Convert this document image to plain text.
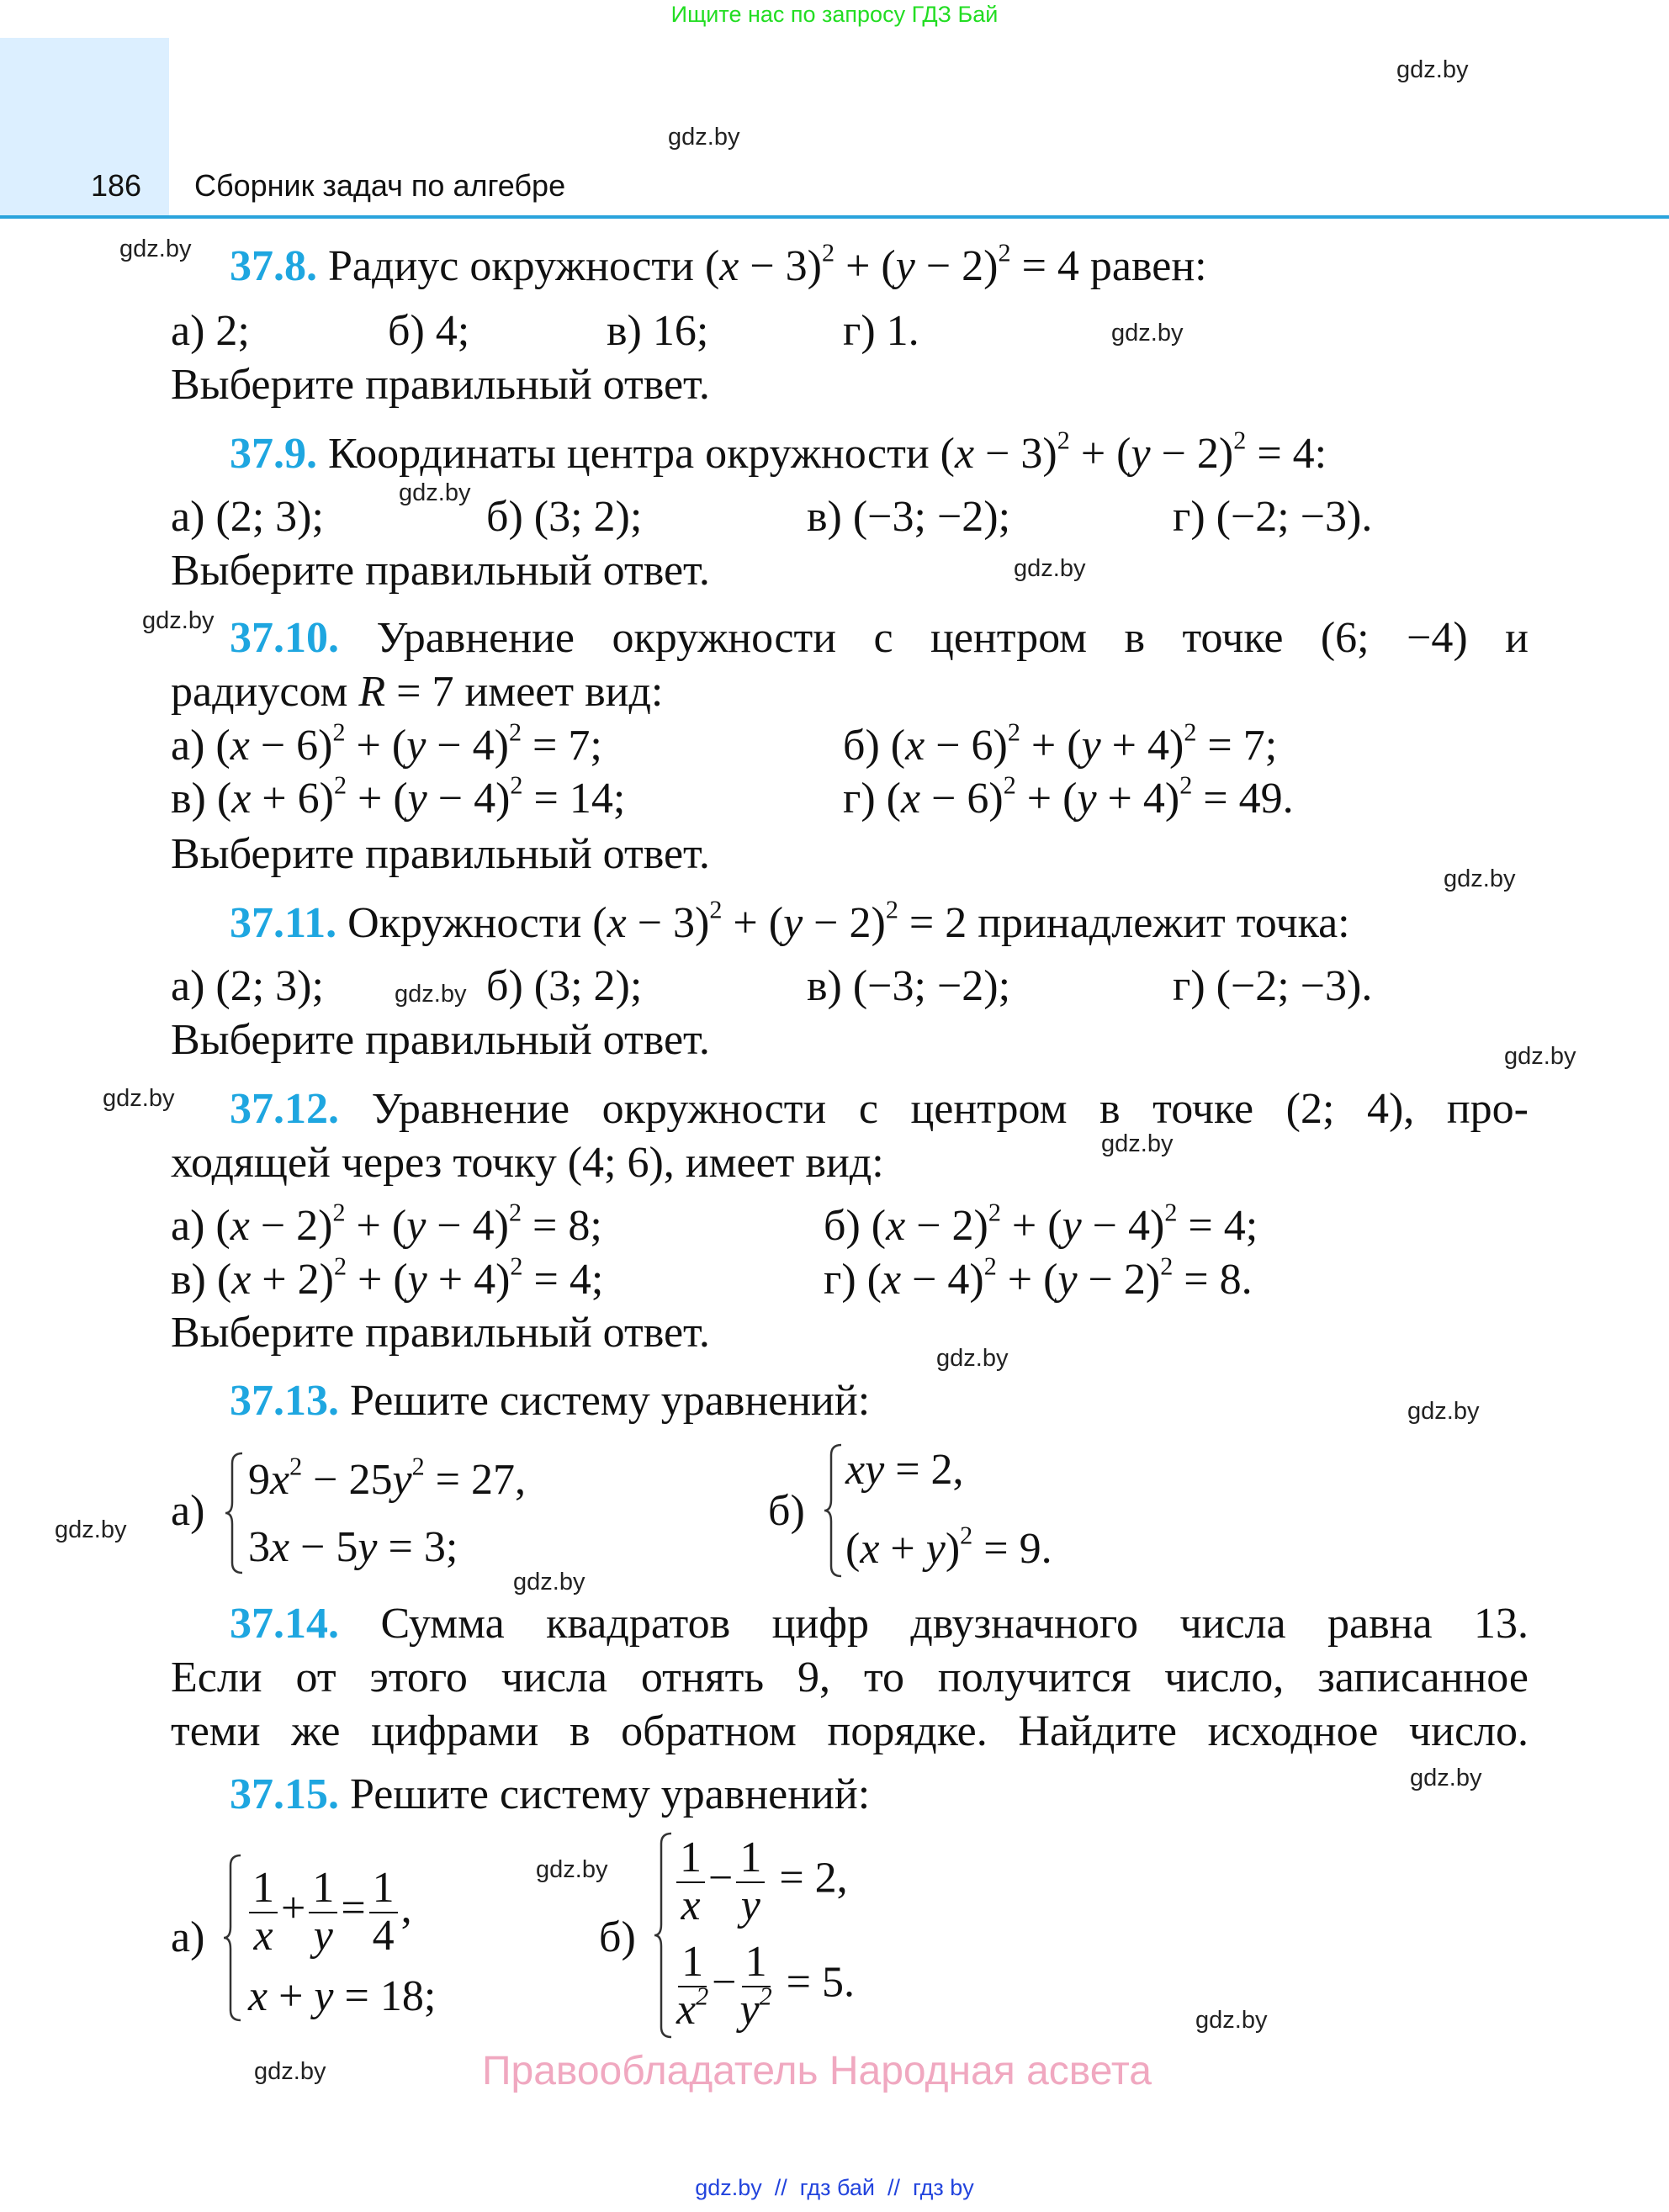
Ищите нас по запросу ГДЗ Бай
186 Сборник задач по алгебре
gdz.by
gdz.by
gdz.by
gdz.by
gdz.by
gdz.by
gdz.by
gdz.by
gdz.by
gdz.by
gdz.by
gdz.by
gdz.by
gdz.by
gdz.by
gdz.by
gdz.by
gdz.by
gdz.by
gdz.by
37.8. Радиус окружности $(x - 3)^2 + (y - 2)^2 = 4$ равен:
а) 2;	б) 4;	в) 16;	г) 1.
Выберите правильный ответ.
37.9. Координаты центра окружности $(x - 3)^2 + (y - 2)^2 = 4$:
а) (2; 3);	б) (3; 2);	в) (−3; −2);	г) (−2; −3).
Выберите правильный ответ.
37.10. Уравнение окружности с центром в точке (6; −4) и
радиусом R = 7 имеет вид:
а) $(x - 6)^2 + (y - 4)^2 = 7$;	б) $(x - 6)^2 + (y + 4)^2 = 7$;
в) $(x + 6)^2 + (y - 4)^2 = 14$;	г) $(x - 6)^2 + (y + 4)^2 = 49$.
Выберите правильный ответ.
37.11. Окружности $(x - 3)^2 + (y - 2)^2 = 2$ принадлежит точка:
а) (2; 3);	б) (3; 2);	в) (−3; −2);	г) (−2; −3).
Выберите правильный ответ.
37.12. Уравнение окружности с центром в точке (2; 4), про-
ходящей через точку (4; 6), имеет вид:
а) $(x - 2)^2 + (y - 4)^2 = 8$;	б) $(x - 2)^2 + (y - 4)^2 = 4$;
в) $(x + 2)^2 + (y + 4)^2 = 4$;	г) $(x - 4)^2 + (y - 2)^2 = 8$.
Выберите правильный ответ.
37.13. Решите систему уравнений:
а)
$9x^2 - 25y^2 = 27$,
3x − 5y = 3;
б)
xy = 2,
$(x + y)^2 = 9$.
37.14. Сумма квадратов цифр двузначного числа равна 13.
Если от этого числа отнять 9, то получится число, записанное
теми же цифрами в обратном порядке. Найдите исходное число.
37.15. Решите систему уравнений:
$а) \frac{1}{x} + \frac{1}{y} = \frac{1}{4}$ ,
x + y = 18;
б)
$\frac{1}{x} - \frac{1}{y} = 2$,
$\frac{1}{x^2} - \frac{1}{y^2} = 5$.
Правообладатель Народная асвета
gdz.by  //  гдз бай  //  гдз by
